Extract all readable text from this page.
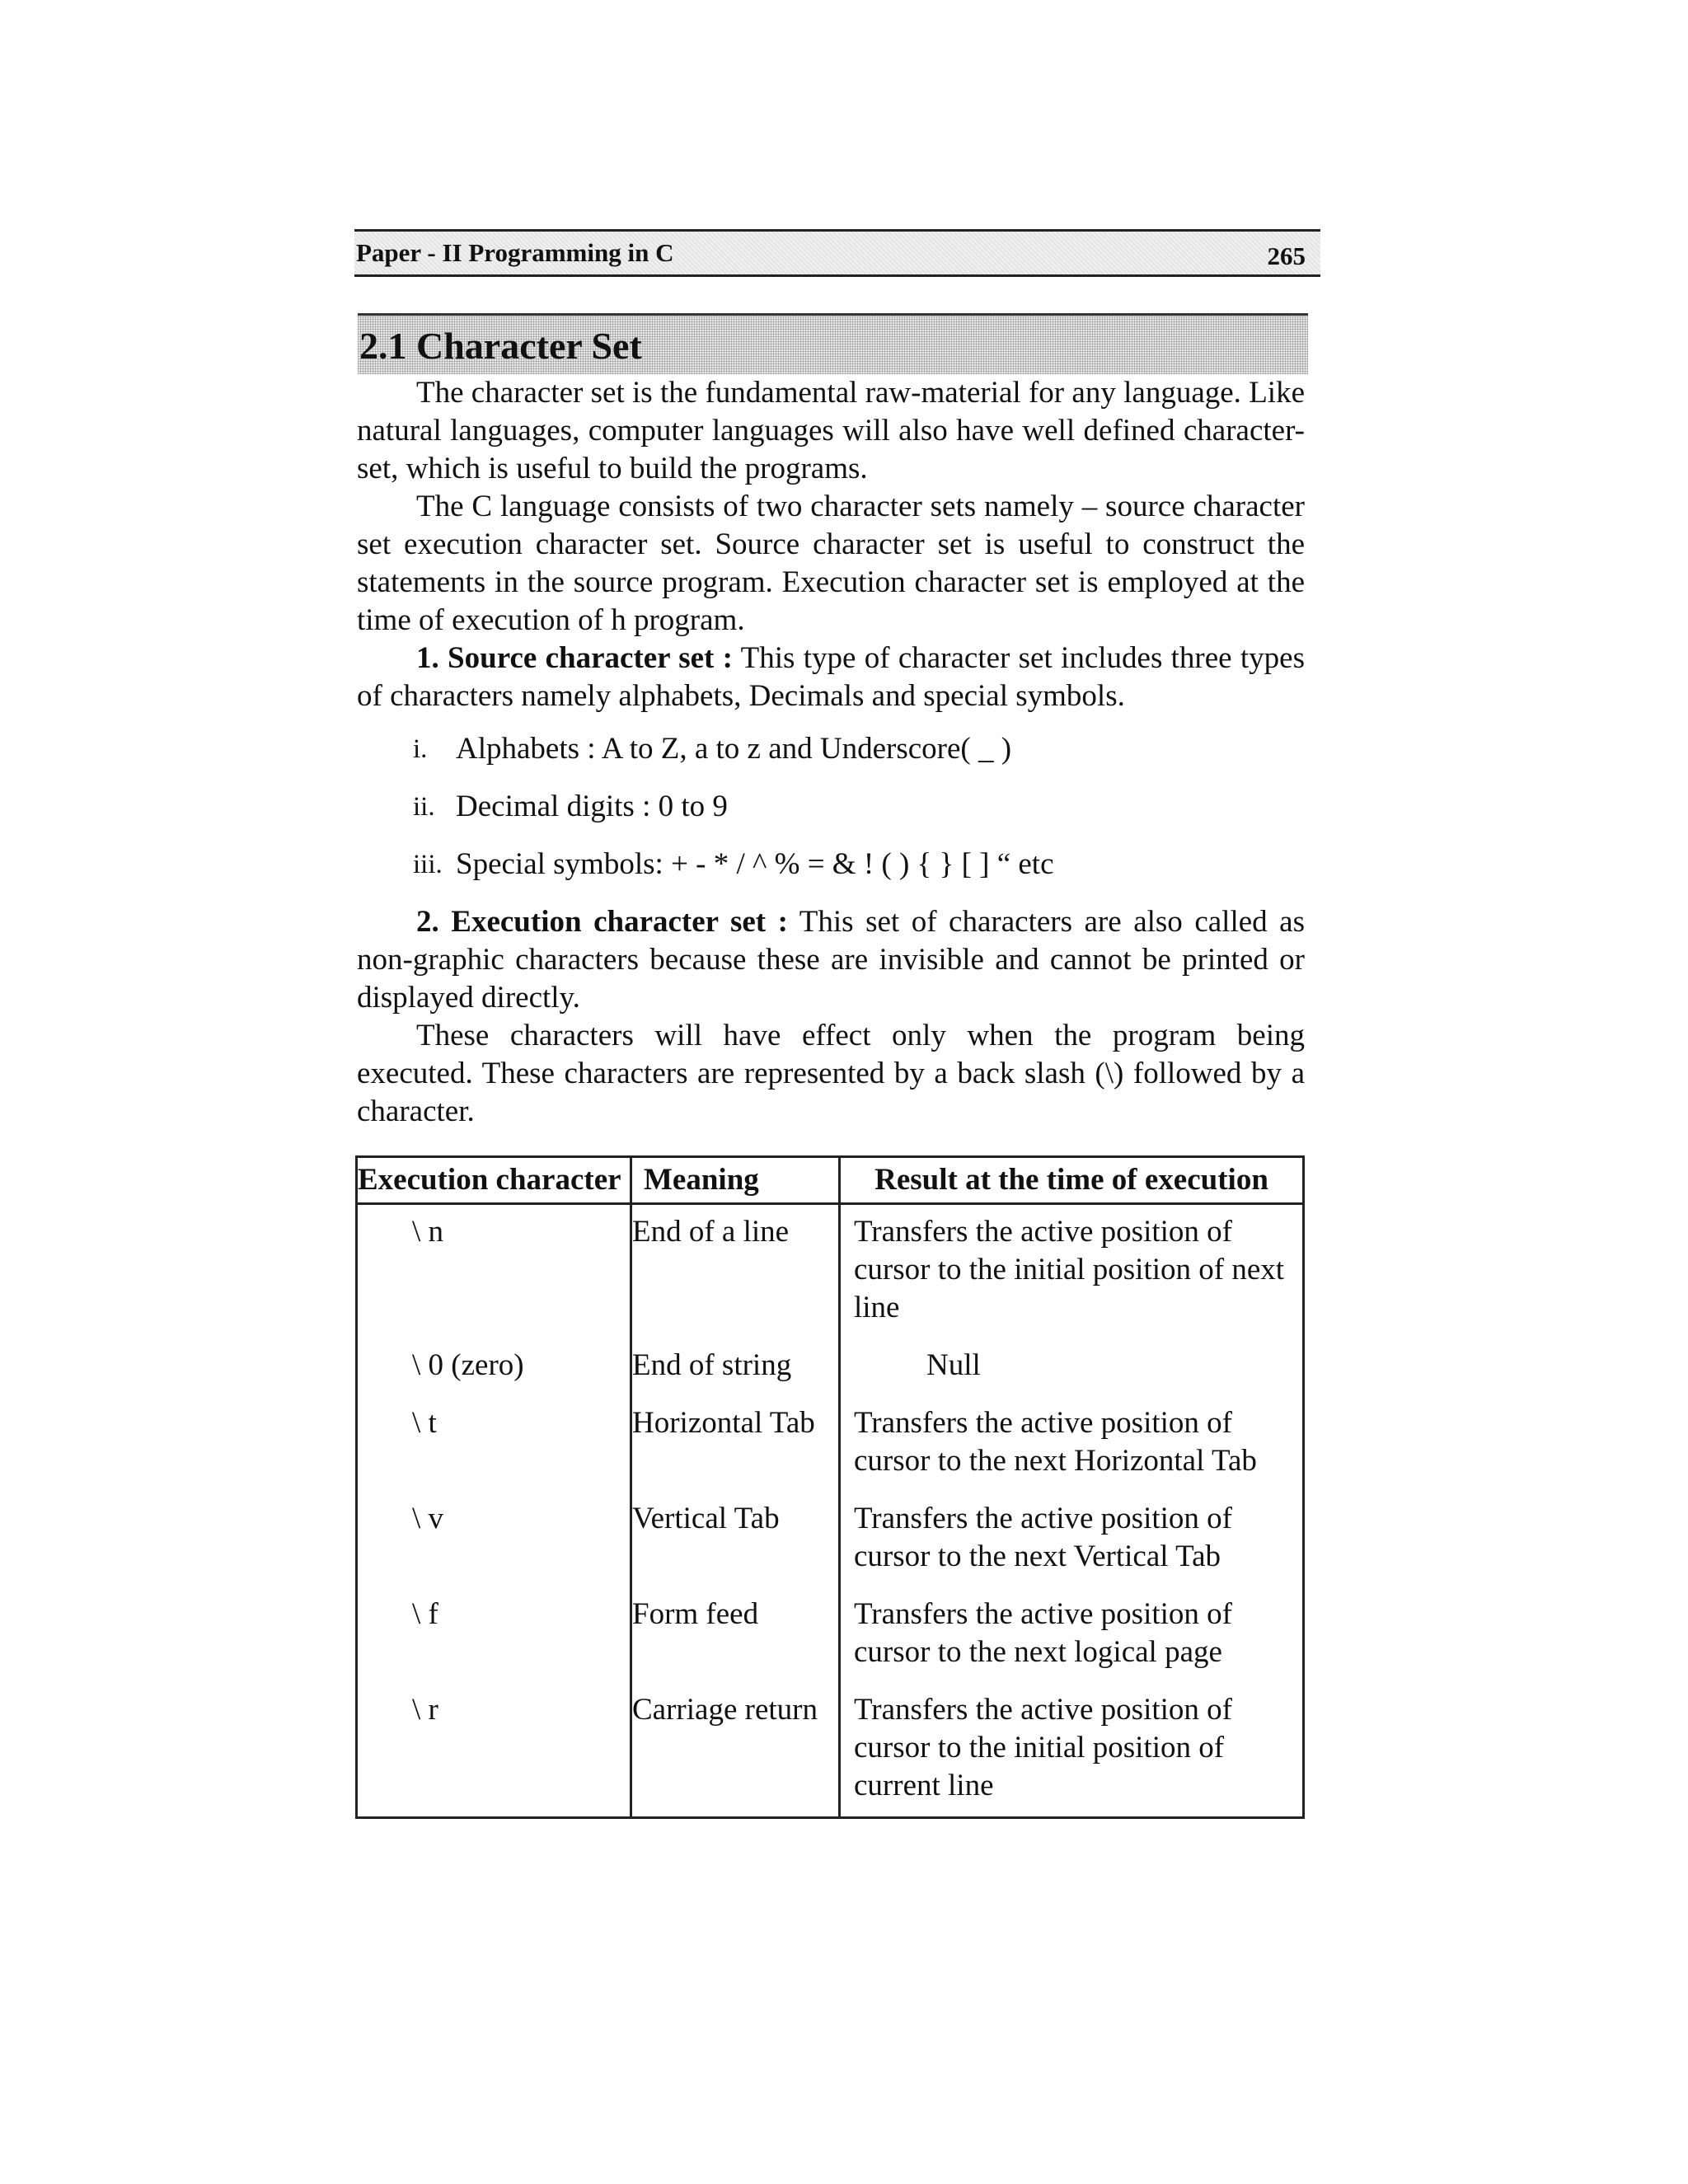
Paper - II Programming in C	265
2.1 Character Set

The character set is the fundamental raw-material for any language. Like natural languages, computer languages will also have well defined character-set, which is useful to build the programs.

The C language consists of two character sets namely – source character set execution character set. Source character set is useful to construct the statements in the source program. Execution character set is employed at the time of execution of h program.

1. Source character set : This type of character set includes three types of characters namely alphabets, Decimals and special symbols.

i. Alphabets : A to Z, a to z and Underscore( _ )
ii. Decimal digits : 0 to 9
iii. Special symbols: + - * / ^ % = & ! ( ) { } [ ] “ etc

2. Execution character set : This set of characters are also called as non-graphic characters because these are invisible and cannot be printed or displayed directly.

These characters will have effect only when the program being executed. These characters are represented by a back slash (\) followed by a character.

Execution character	Meaning	Result at the time of execution
\ n	End of a line	Transfers the active position of cursor to the initial position of next line
\ 0 (zero)	End of string	Null
\ t	Horizontal Tab	Transfers the active position of cursor to the next Horizontal Tab
\ v	Vertical Tab	Transfers the active position of cursor to the next Vertical Tab
\ f	Form feed	Transfers the active position of cursor to the next logical page
\ r	Carriage return	Transfers the active position of cursor to the initial position of current line
